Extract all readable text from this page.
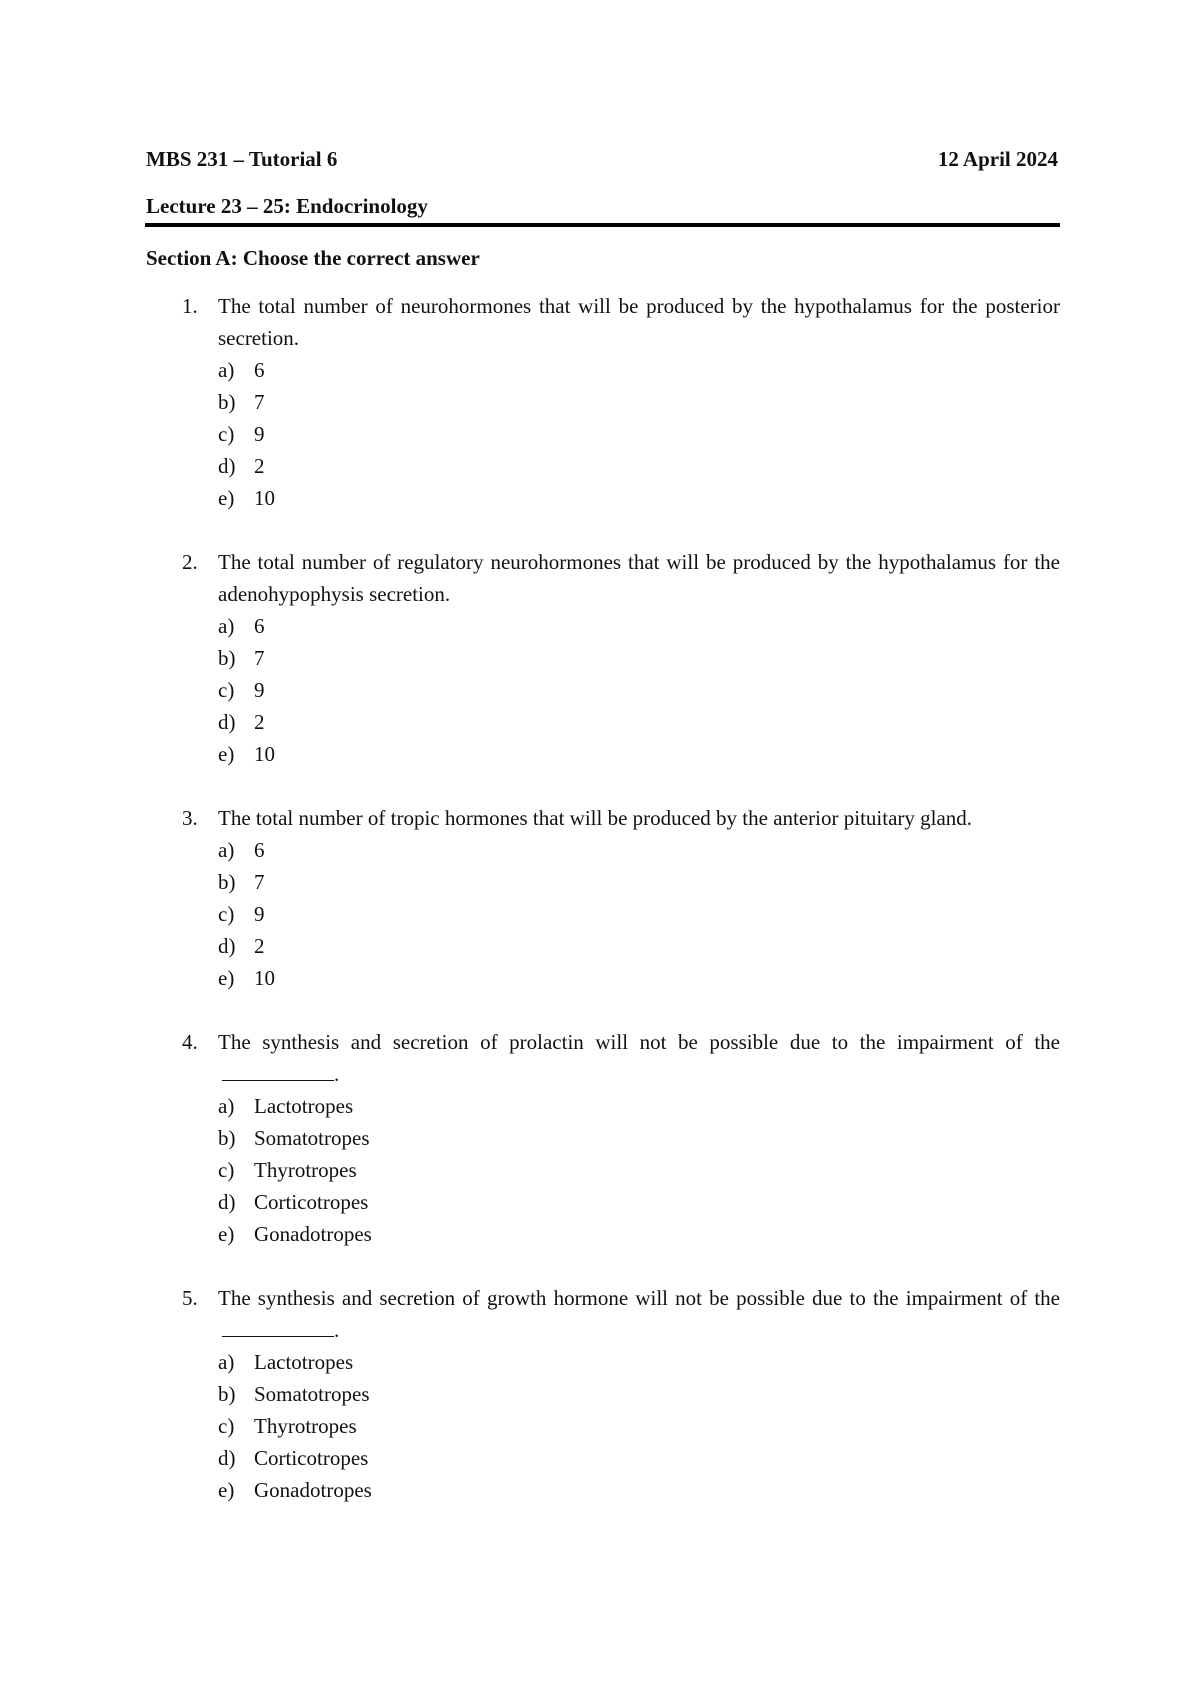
MBS 231 – Tutorial 6	12 April 2024
Lecture 23 – 25: Endocrinology
Section A: Choose the correct answer
1. The total number of neurohormones that will be produced by the hypothalamus for the posterior secretion.
a) 6
b) 7
c) 9
d) 2
e) 10
2. The total number of regulatory neurohormones that will be produced by the hypothalamus for the adenohypophysis secretion.
a) 6
b) 7
c) 9
d) 2
e) 10
3. The total number of tropic hormones that will be produced by the anterior pituitary gland.
a) 6
b) 7
c) 9
d) 2
e) 10
4. The synthesis and secretion of prolactin will not be possible due to the impairment of the.
a) Lactotropes
b) Somatotropes
c) Thyrotropes
d) Corticotropes
e) Gonadotropes
5. The synthesis and secretion of growth hormone will not be possible due to the impairment of the.
a) Lactotropes
b) Somatotropes
c) Thyrotropes
d) Corticotropes
e) Gonadotropes
